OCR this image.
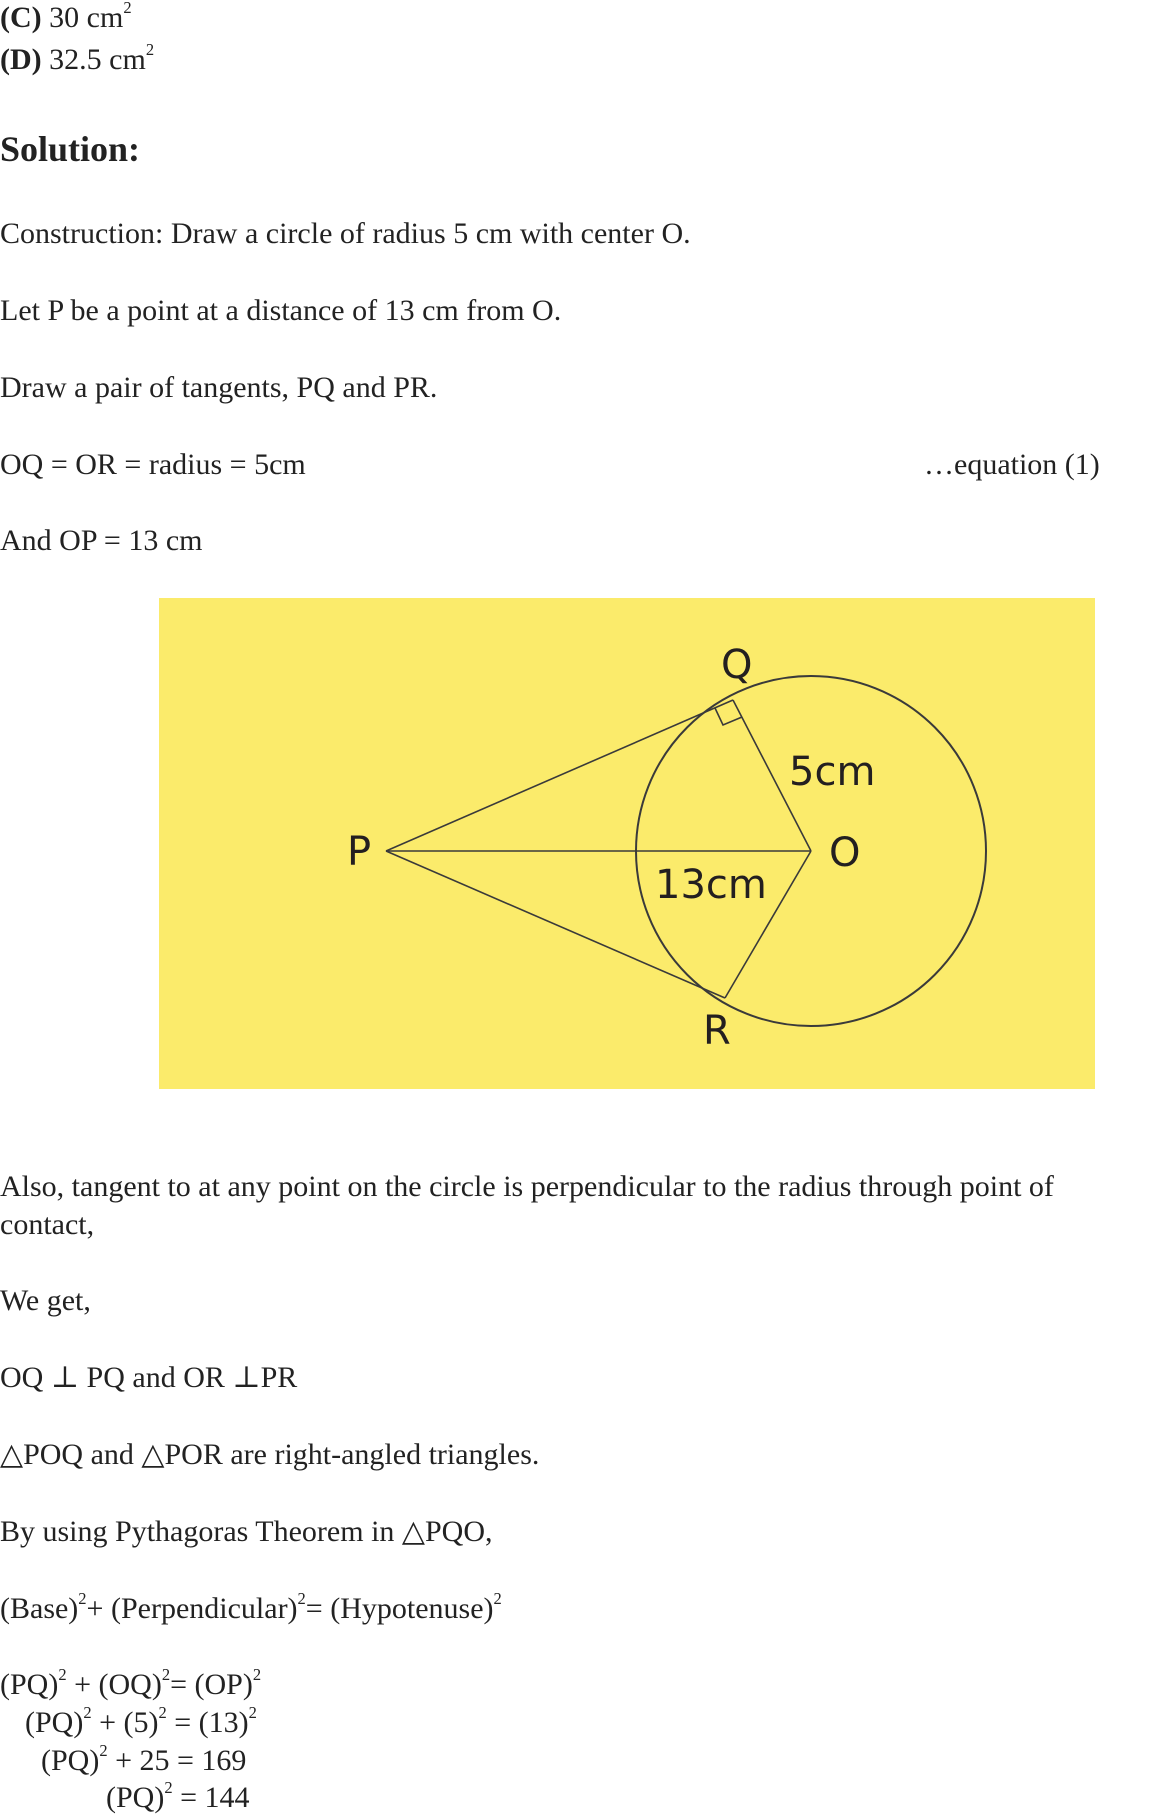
(C) 30 $cm^2$
(D) 32.5 $cm^2$
Solution:
Construction: Draw a circle of radius 5 cm with center O.
Let P be a point at a distance of 13 cm from O.
Draw a pair of tangents, PQ and PR.
OQ = OR = radius = 5cm	…equation (1)
And OP = 13 cm
Q
P	O
R
5cm
13cm
Also, tangent to at any point on the circle is perpendicular to the radius through point of
contact,
We get,
OQ ⊥ PQ and OR ⊥PR
△POQ and △POR are right-angled triangles.
By using Pythagoras Theorem in △PQO,
(Base)$^2$+ (Perpendicular)$^2$= (Hypotenuse)$^2$
(PQ)$^2$ + (OQ)$^2$= (OP)$^2$
$(PQ)^2 + (5)^2 = (13)^2$
(PQ)$^2$ + 25 = 169
(PQ)$^2$ = 144
